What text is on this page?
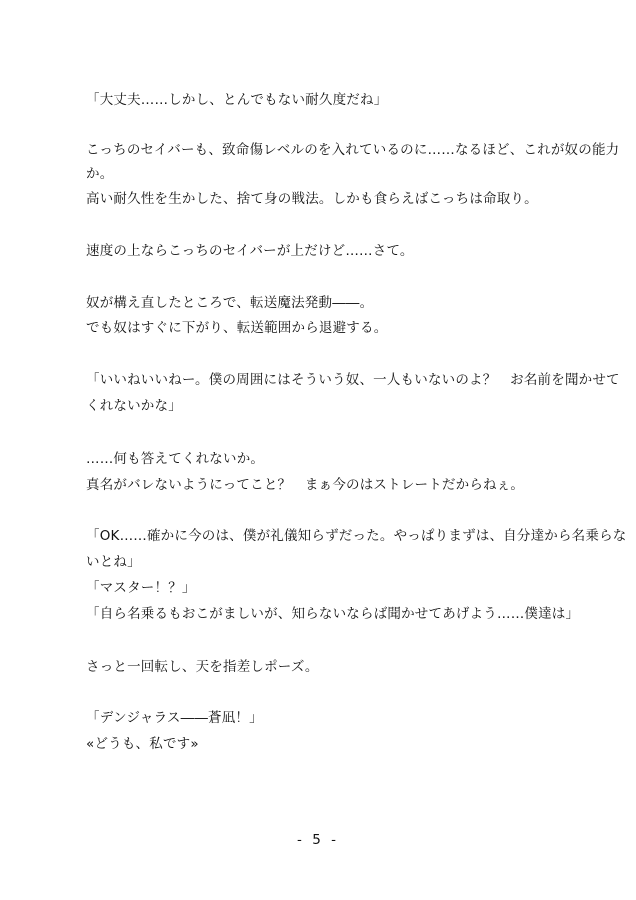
「大丈夫……しかし、とんでもない耐久度だね」
こっちのセイバーも、致命傷レベルのを入れているのに……なるほど、これが奴の能力
か。
高い耐久性を生かした、捨て身の戦法。しかも食らえばこっちは命取り。
速度の上ならこっちのセイバーが上だけど……さて。
奴が構え直したところで、転送魔法発動――。
でも奴はすぐに下がり、転送範囲から退避する。
「いいねいいねー。僕の周囲にはそういう奴、一人もいないのよ？　お名前を聞かせて
くれないかな」
……何も答えてくれないか。
真名がバレないようにってこと？　まぁ今のはストレートだからねぇ。
「OK……確かに今のは、僕が礼儀知らずだった。やっぱりまずは、自分達から名乗らな
いとね」
「マスター！？」
「自ら名乗るもおこがましいが、知らないならば聞かせてあげよう……僕達は」
さっと一回転し、天を指差しポーズ。
「デンジャラス――蒼凪！」
«どうも、私です»
- 5 -
